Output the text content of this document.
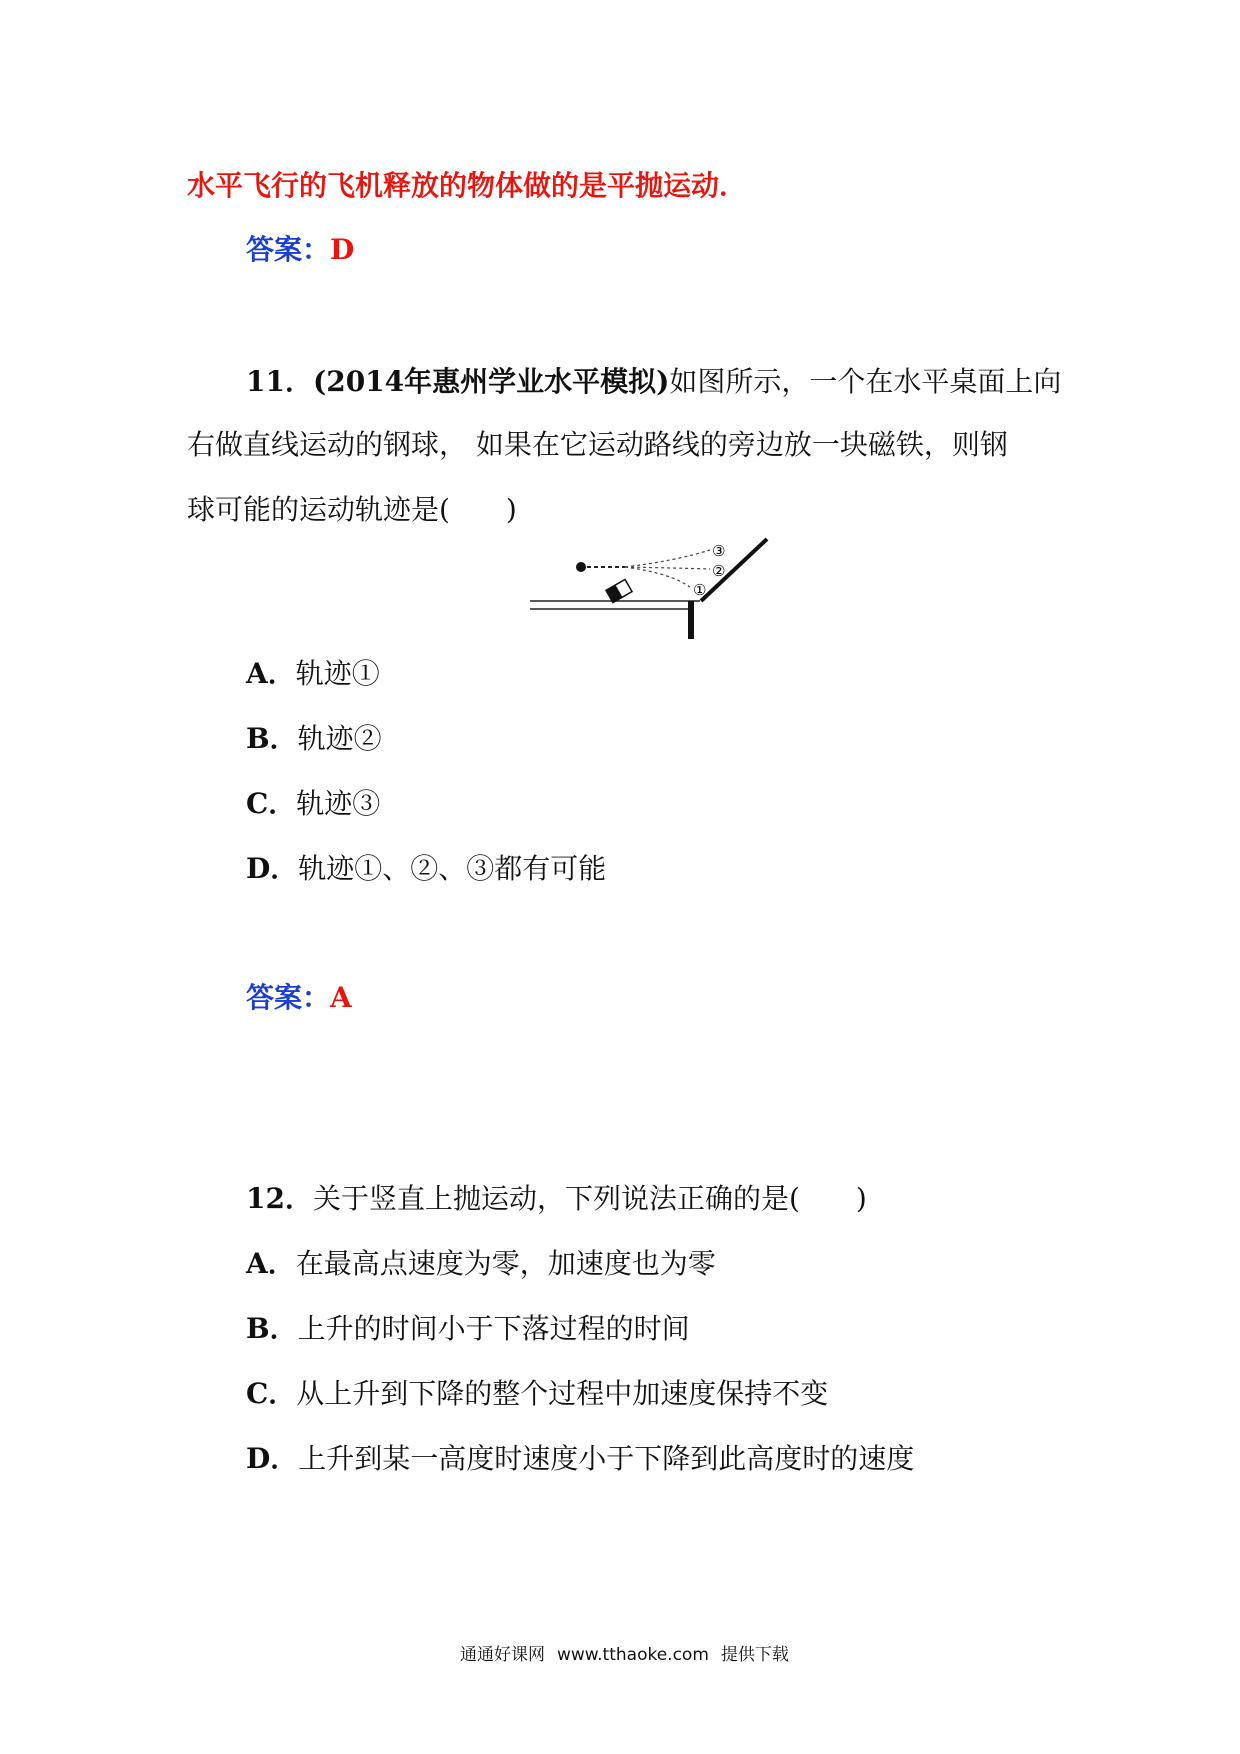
水平飞行的飞机释放的物体做的是平抛运动．
答案：D
11．(2014年惠州学业水平模拟)如图所示，一个在水平桌面上向
右做直线运动的钢球， 如果在它运动路线的旁边放一块磁铁，则钢
球可能的运动轨迹是(　　)
③
②
①
A．轨迹①
B．轨迹②
C．轨迹③
D．轨迹①、②、③都有可能
答案：A
12．关于竖直上抛运动，下列说法正确的是(　　)
A．在最高点速度为零，加速度也为零
B．上升的时间小于下落过程的时间
C．从上升到下降的整个过程中加速度保持不变
D．上升到某一高度时速度小于下降到此高度时的速度
通通好课网 www.tthaoke.com 提供下载
